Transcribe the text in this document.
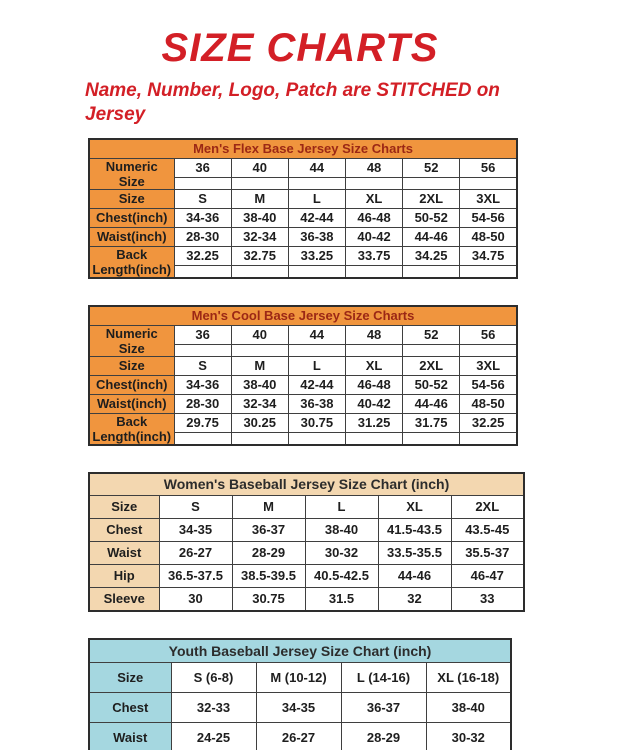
SIZE CHARTS

Name, Number, Logo, Patch are STITCHED on Jersey

Men's Flex Base Jersey Size Charts						
Numeric Size	36	40	44	48	52	56

Size	S	M	L	XL	2XL	3XL
Chest(inch)	34-36	38-40	42-44	46-48	50-52	54-56
Waist(inch)	28-30	32-34	36-38	40-42	44-46	48-50
Back Length(inch)	32.25	32.75	33.25	33.75	34.25	34.75

Men's Cool Base Jersey Size Charts						
Numeric Size	36	40	44	48	52	56

Size	S	M	L	XL	2XL	3XL
Chest(inch)	34-36	38-40	42-44	46-48	50-52	54-56
Waist(inch)	28-30	32-34	36-38	40-42	44-46	48-50
Back Length(inch)	29.75	30.25	30.75	31.25	31.75	32.25

Women's Baseball Jersey Size Chart (inch)					
Size	S	M	L	XL	2XL
Chest	34-35	36-37	38-40	41.5-43.5	43.5-45
Waist	26-27	28-29	30-32	33.5-35.5	35.5-37
Hip	36.5-37.5	38.5-39.5	40.5-42.5	44-46	46-47
Sleeve	30	30.75	31.5	32	33
Youth Baseball Jersey Size Chart (inch)				
Size	S (6-8)	M (10-12)	L (14-16)	XL (16-18)
Chest	32-33	34-35	36-37	38-40
Waist	24-25	26-27	28-29	30-32
